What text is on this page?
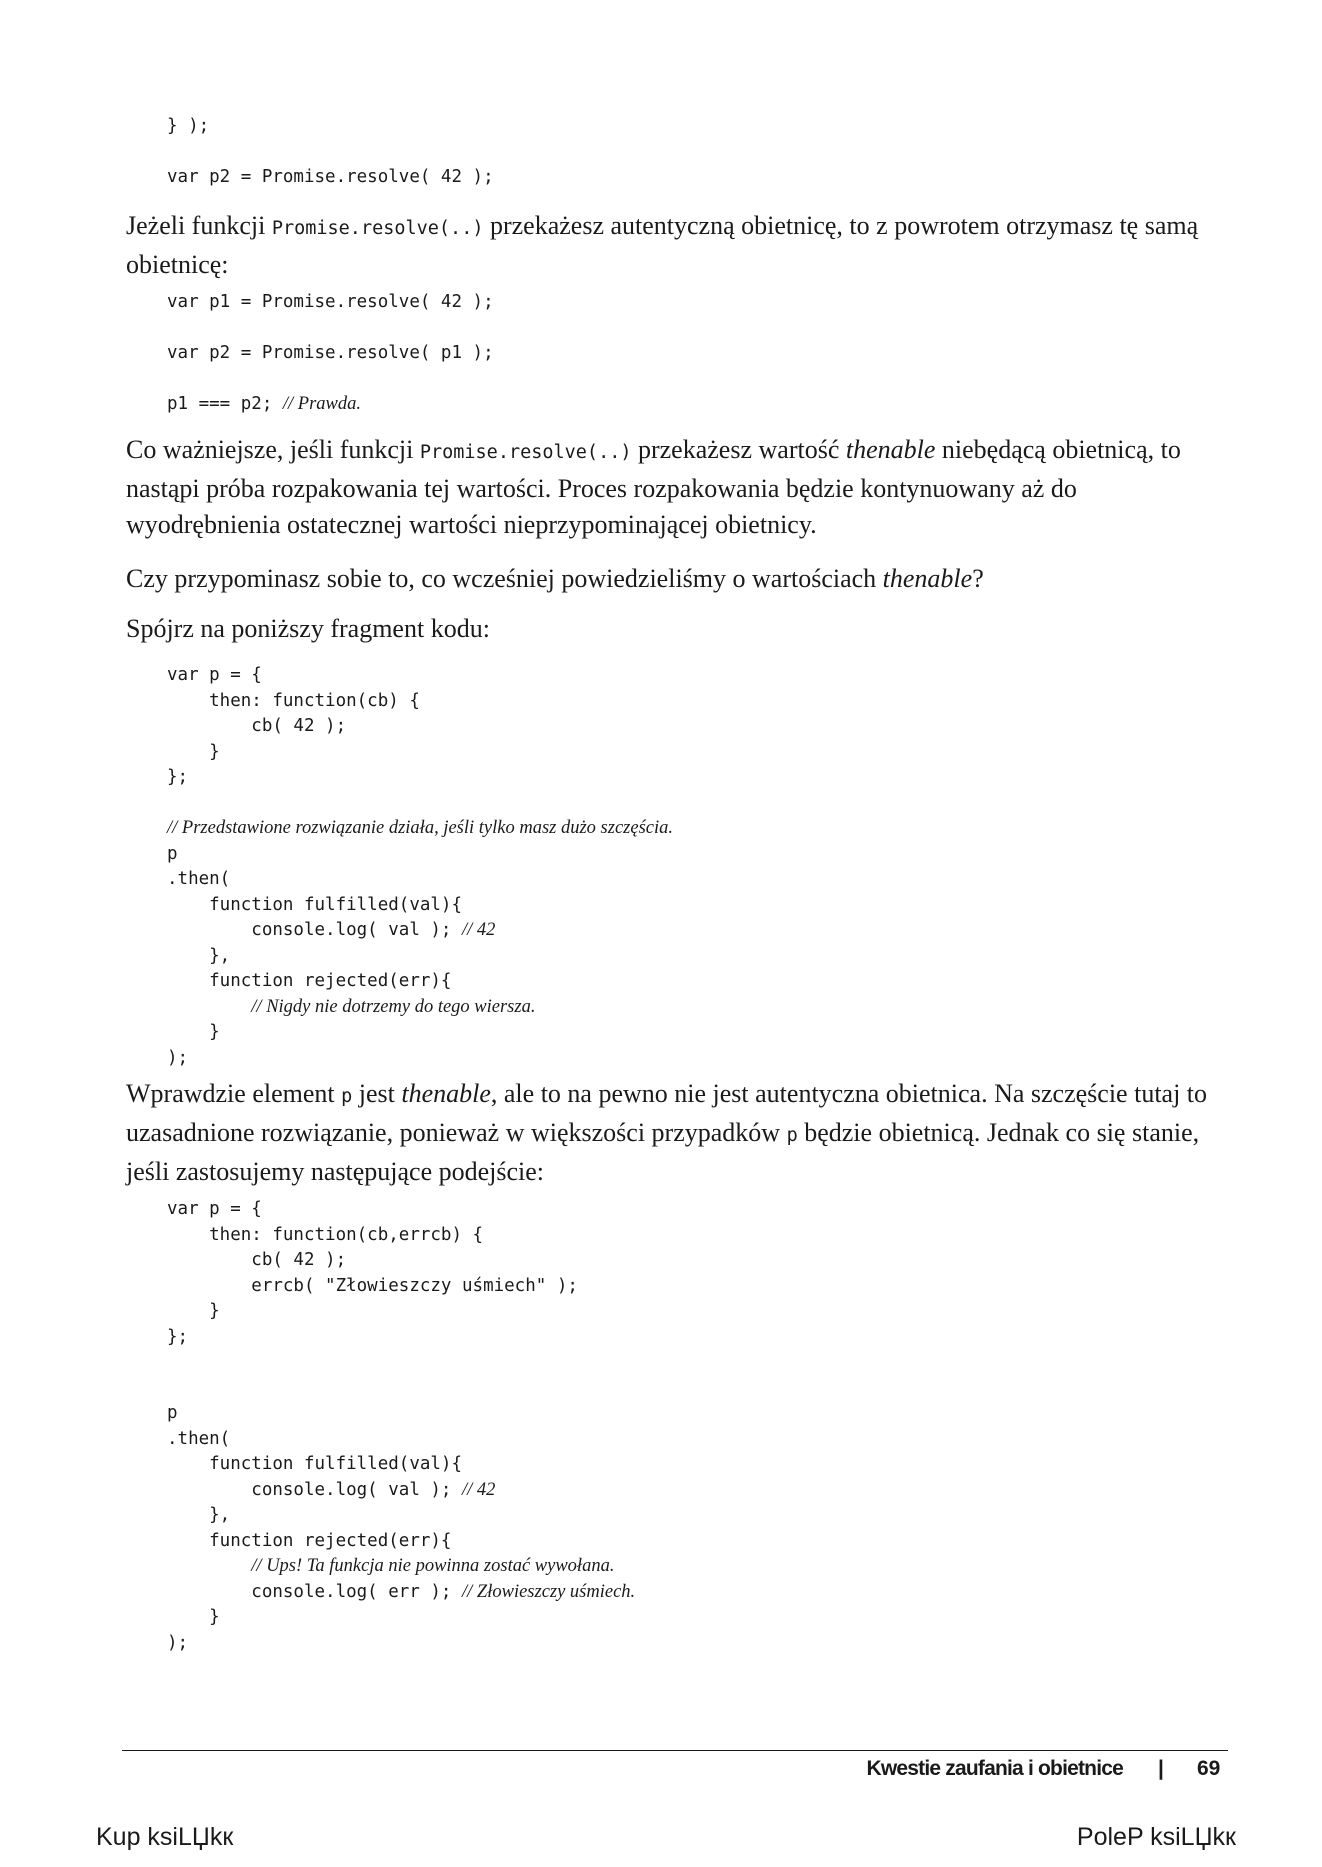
} );

var p2 = Promise.resolve( 42 );

Jeżeli funkcji Promise.resolve(..) przekażesz autentyczną obietnicę, to z powrotem otrzymasz tę samą obietnicę:

var p1 = Promise.resolve( 42 );

var p2 = Promise.resolve( p1 );

p1 === p2; // Prawda.

Co ważniejsze, jeśli funkcji Promise.resolve(..) przekażesz wartość thenable niebędącą obietnicą, to nastąpi próba rozpakowania tej wartości. Proces rozpakowania będzie kontynuowany aż do wyodrębnienia ostatecznej wartości nieprzypominającej obietnicy.

Czy przypominasz sobie to, co wcześniej powiedzieliśmy o wartościach thenable?

Spójrz na poniższy fragment kodu:

var p = {
then: function(cb) {
cb( 42 );
}
};

// Przedstawione rozwiązanie działa, jeśli tylko masz dużo szczęścia.
p
.then(
function fulfilled(val){
console.log( val ); // 42
},
function rejected(err){
// Nigdy nie dotrzemy do tego wiersza.
}
);

Wprawdzie element p jest thenable, ale to na pewno nie jest autentyczna obietnica. Na szczęście tutaj to uzasadnione rozwiązanie, ponieważ w większości przypadków p będzie obietnicą. Jednak co się stanie, jeśli zastosujemy następujące podejście:

var p = {
then: function(cb,errcb) {
cb( 42 );
errcb( "Złowieszczy uśmiech" );
}
};

p
.then(
function fulfilled(val){
console.log( val ); // 42
},
function rejected(err){
// Ups! Ta funkcja nie powinna zostać wywołana.
console.log( err ); // Złowieszczy uśmiech.
}
);
Kwestie zaufania i obietnice | 69
Kup ksiLЏkк	PoleP ksiLЏkк
